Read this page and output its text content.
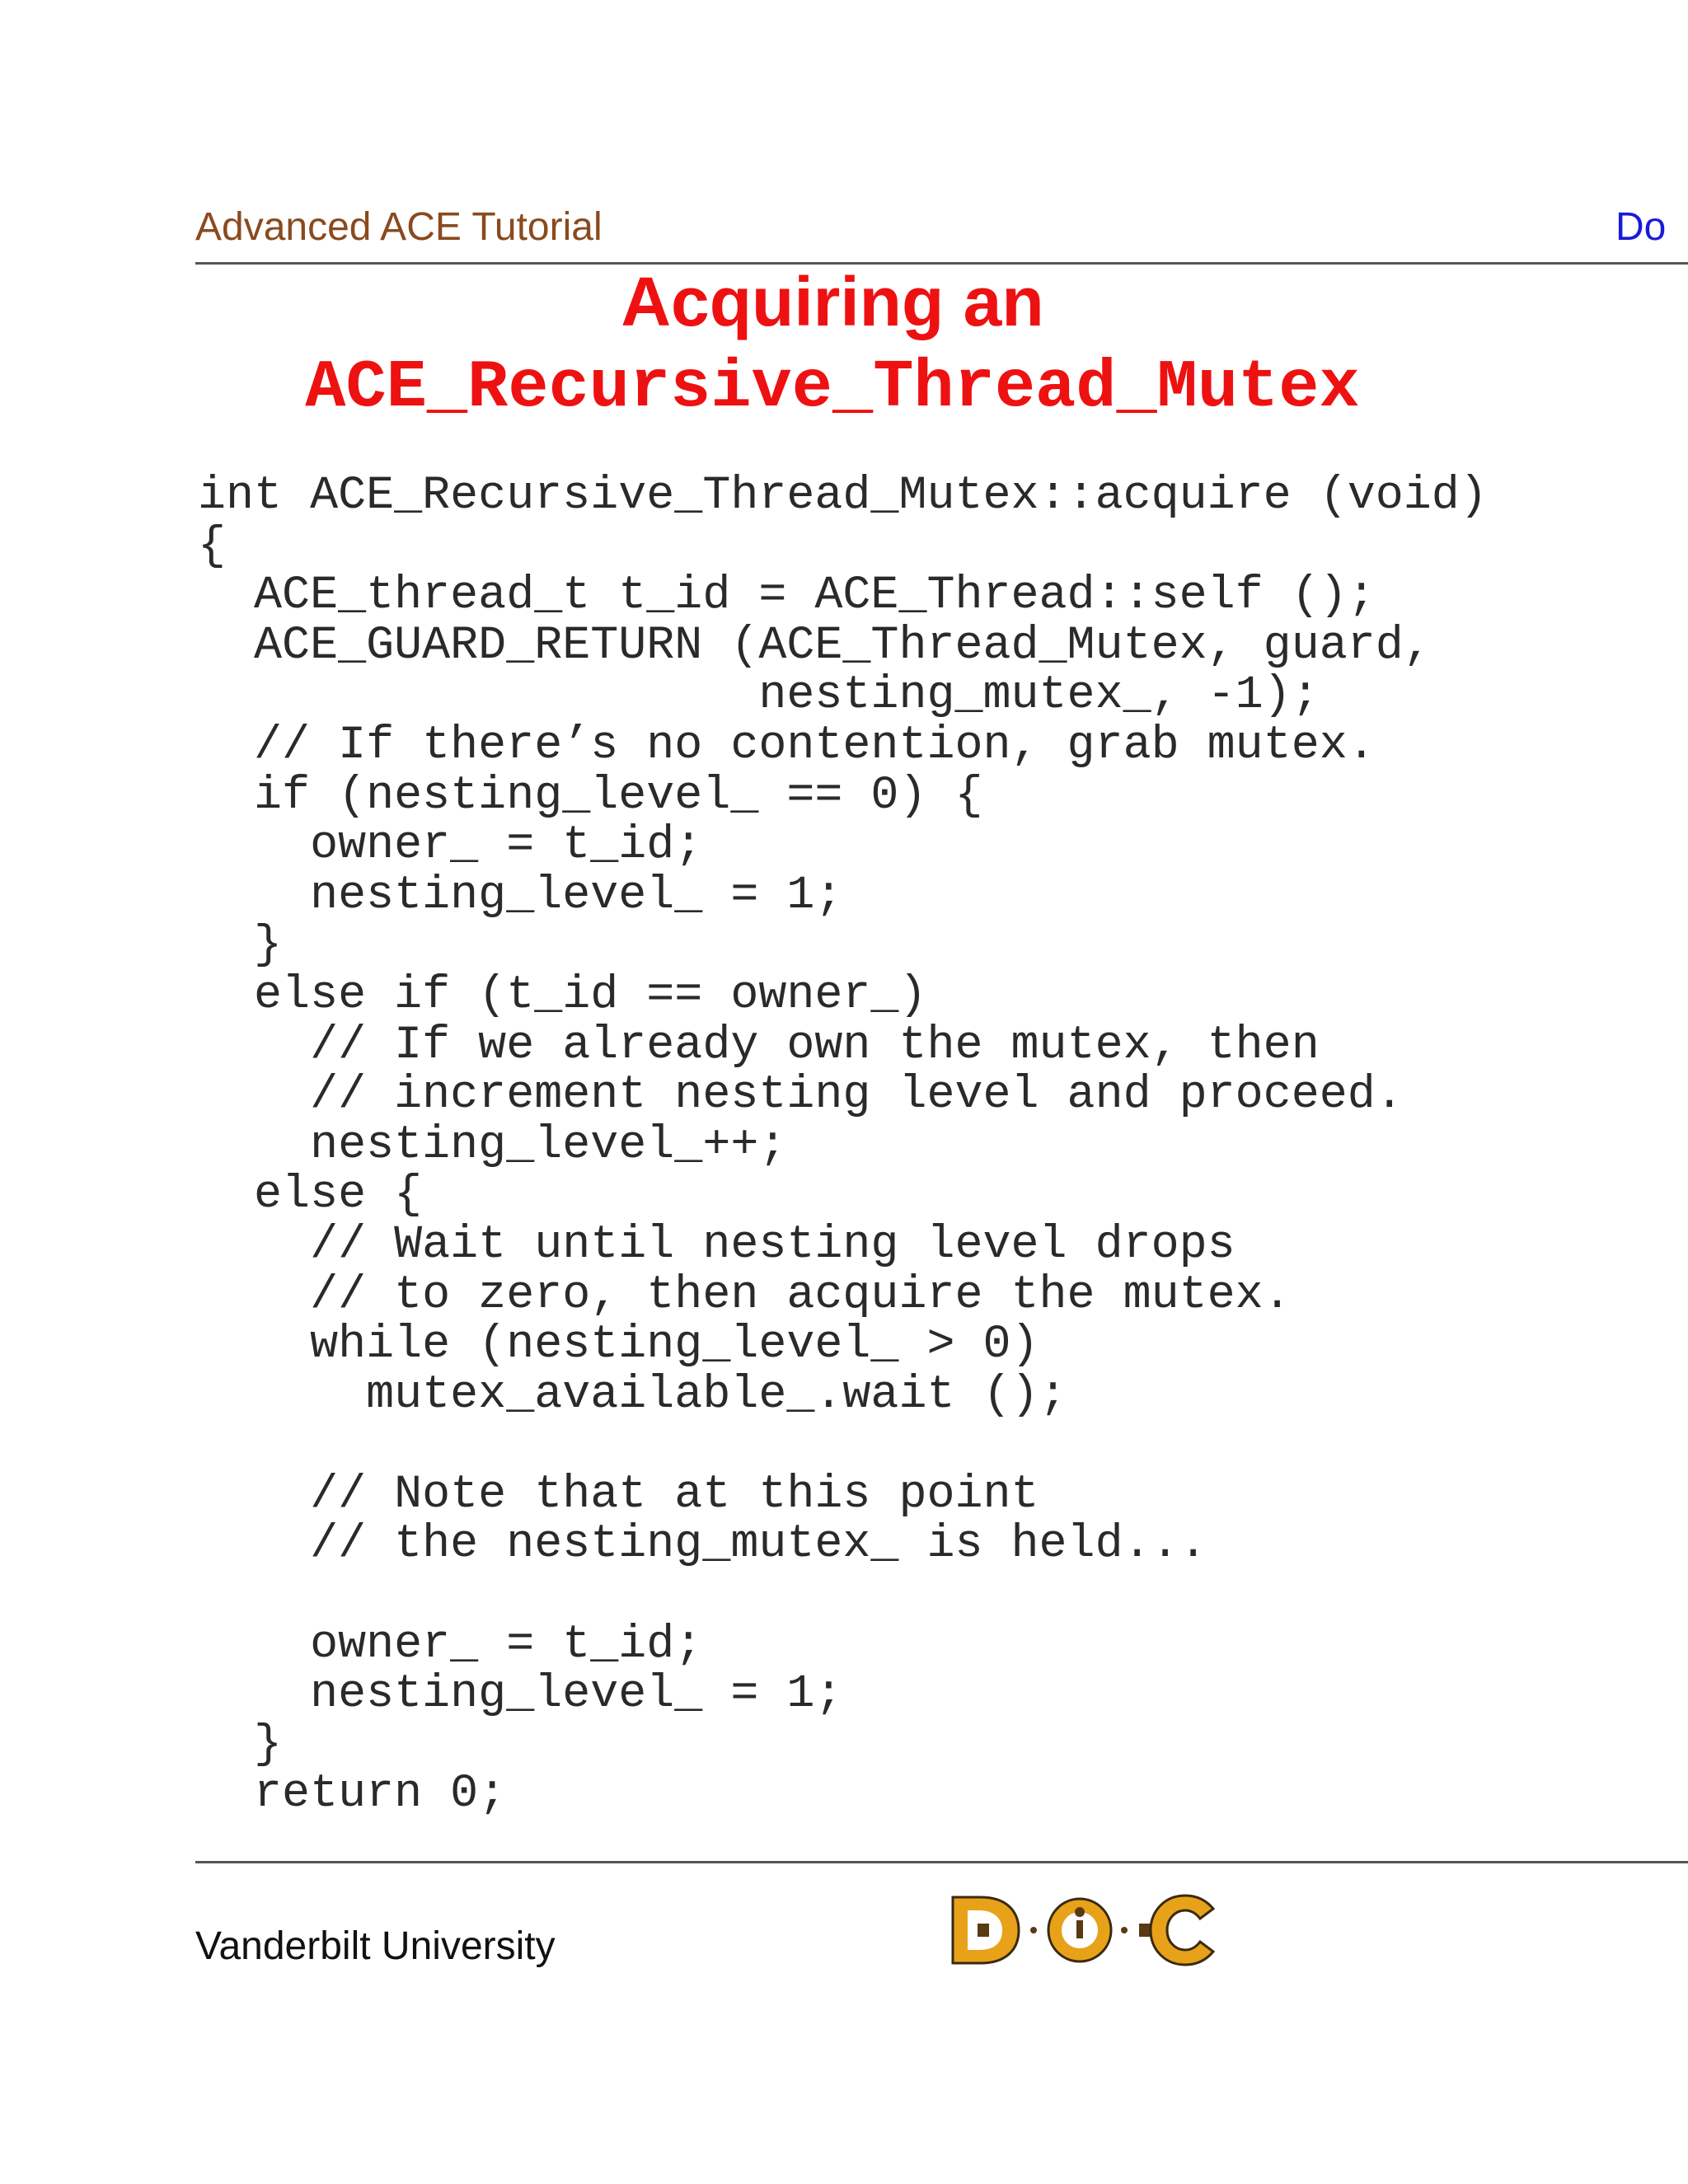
Advanced ACE Tutorial	Do
Acquiring an
ACE_Recursive_Thread_Mutex
int ACE_Recursive_Thread_Mutex::acquire (void)
{
ACE_thread_t t_id = ACE_Thread::self ();
ACE_GUARD_RETURN (ACE_Thread_Mutex, guard,
nesting_mutex_, -1);
// If there’s no contention, grab mutex.
if (nesting_level_ == 0) {
owner_ = t_id;
nesting_level_ = 1;
}
else if (t_id == owner_)
// If we already own the mutex, then
// increment nesting level and proceed.
nesting_level_++;
else {
// Wait until nesting level drops
// to zero, then acquire the mutex.
while (nesting_level_ > 0)
mutex_available_.wait ();

// Note that at this point
// the nesting_mutex_ is held...

owner_ = t_id;
nesting_level_ = 1;
}
return 0;
Vanderbilt University
